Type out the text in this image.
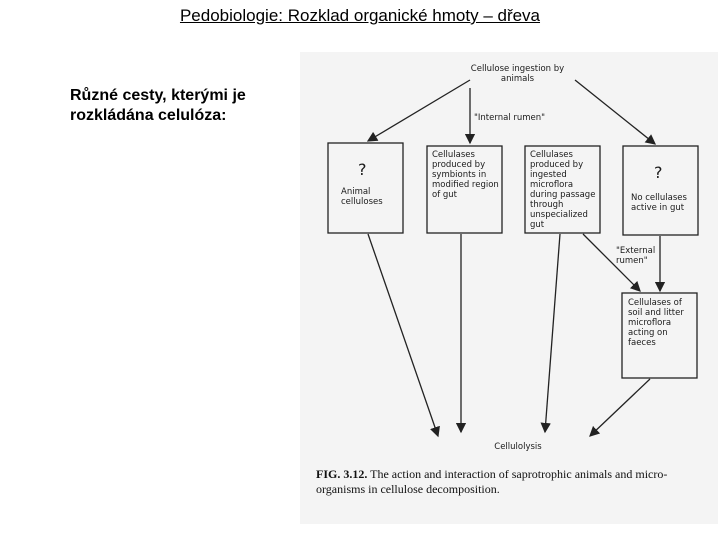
Pedobiologie: Rozklad organické hmoty – dřeva
Různé cesty, kterými je rozkládána celulóza:
Cellulose ingestion by
animals
"Internal rumen"
"External
rumen"
?
Animal
celluloses
Cellulases
produced by
symbionts in
modified region
of gut
Cellulases
produced by
ingested
microflora
during passage
through
unspecialized
gut
?
No cellulases
active in gut
Cellulases of
soil and litter
microflora
acting on
faeces
Cellulolysis
FIG. 3.12. The action and interaction of saprotrophic animals and micro-organisms in cellulose decomposition.
